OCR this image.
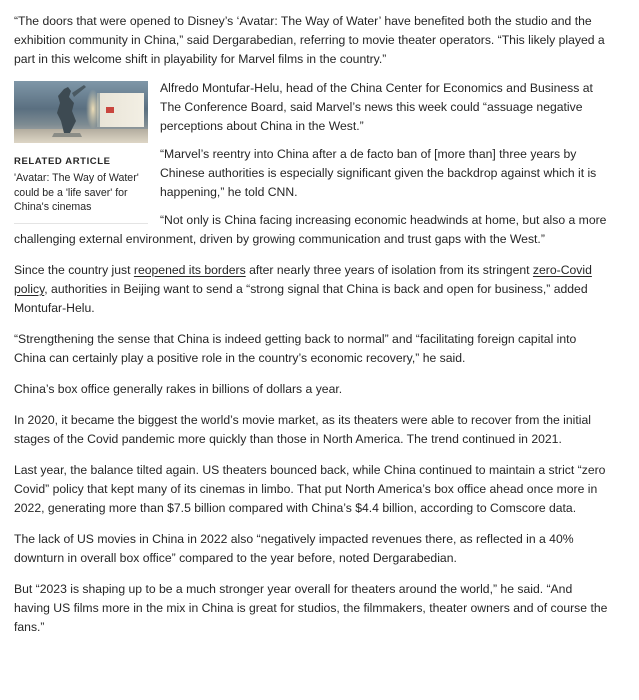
“The doors that were opened to Disney’s ‘Avatar: The Way of Water’ have benefited both the studio and the exhibition community in China,” said Dergarabedian, referring to movie theater operators. “This likely played a part in this welcome shift in playability for Marvel films in the country.”

RELATED ARTICLE
'Avatar: The Way of Water' could be a 'life saver' for China's cinemas

Alfredo Montufar-Helu, head of the China Center for Economics and Business at The Conference Board, said Marvel’s news this week could “assuage negative perceptions about China in the West.”

“Marvel’s reentry into China after a de facto ban of [more than] three years by Chinese authorities is especially significant given the backdrop against which it is happening,” he told CNN.

“Not only is China facing increasing economic headwinds at home, but also a more challenging external environment, driven by growing communication and trust gaps with the West.”

Since the country just reopened its borders after nearly three years of isolation from its stringent zero-Covid policy, authorities in Beijing want to send a “strong signal that China is back and open for business,” added Montufar-Helu.

“Strengthening the sense that China is indeed getting back to normal” and “facilitating foreign capital into China can certainly play a positive role in the country’s economic recovery,” he said.

China’s box office generally rakes in billions of dollars a year.

In 2020, it became the biggest the world’s movie market, as its theaters were able to recover from the initial stages of the Covid pandemic more quickly than those in North America. The trend continued in 2021.

Last year, the balance tilted again. US theaters bounced back, while China continued to maintain a strict “zero Covid” policy that kept many of its cinemas in limbo. That put North America’s box office ahead once more in 2022, generating more than $7.5 billion compared with China’s $4.4 billion, according to Comscore data.

The lack of US movies in China in 2022 also “negatively impacted revenues there, as reflected in a 40% downturn in overall box office” compared to the year before, noted Dergarabedian.

But “2023 is shaping up to be a much stronger year overall for theaters around the world,” he said. “And having US films more in the mix in China is great for studios, the filmmakers, theater owners and of course the fans.”
